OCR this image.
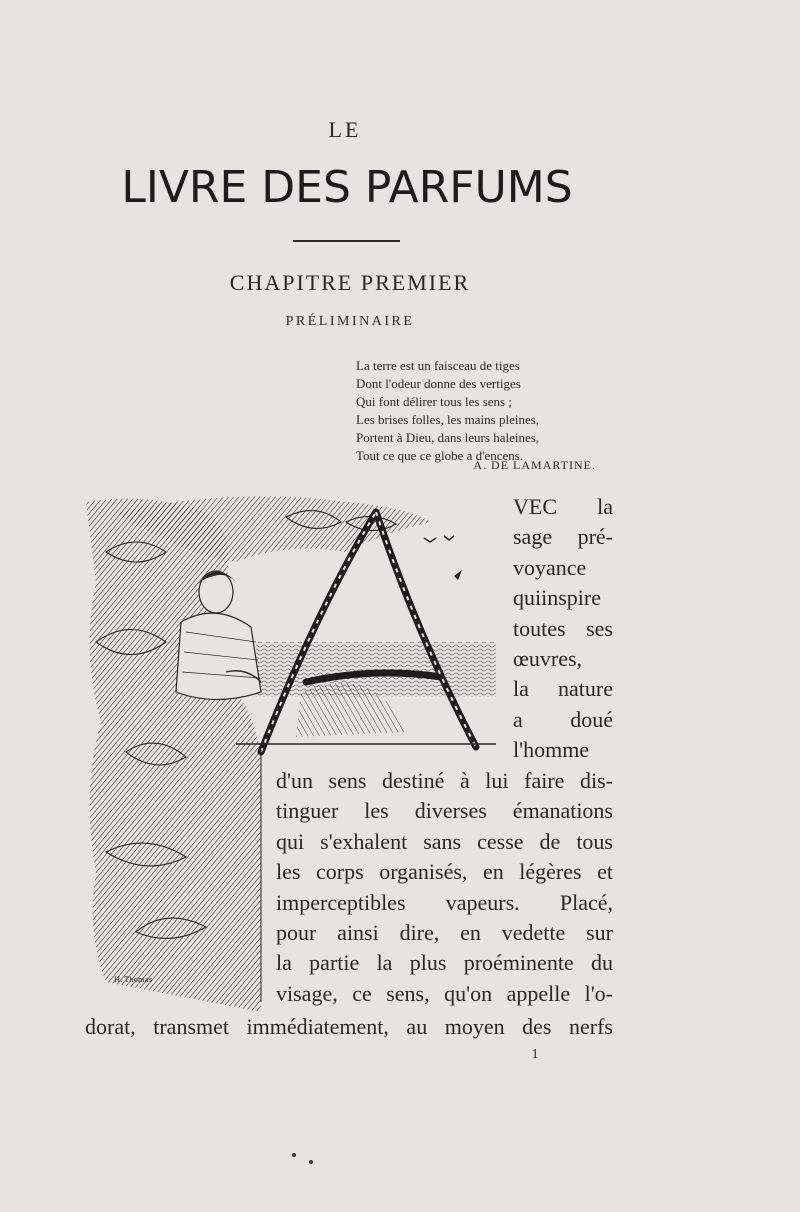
LE
LIVRE DES PARFUMS
CHAPITRE PREMIER
PRÉLIMINAIRE
La terre est un faisceau de tiges
Dont l'odeur donne des vertiges
Qui font délirer tous les sens ;
Les brises folles, les mains pleines,
Portent à Dieu, dans leurs haleines,
Tout ce que ce globe a d'encens.
A. DE LAMARTINE.
H. Thomas
VEC la
sage pré-
voyance
quiinspire
toutes ses
œuvres,
la nature
a doué
l'homme
d'un sens destiné à lui faire dis-
tinguer les diverses émanations
qui s'exhalent sans cesse de tous
les corps organisés, en légères et
imperceptibles vapeurs. Placé,
pour ainsi dire, en vedette sur
la partie la plus proéminente du
visage, ce sens, qu'on appelle l'o-
dorat, transmet immédiatement, au moyen des nerfs
1
